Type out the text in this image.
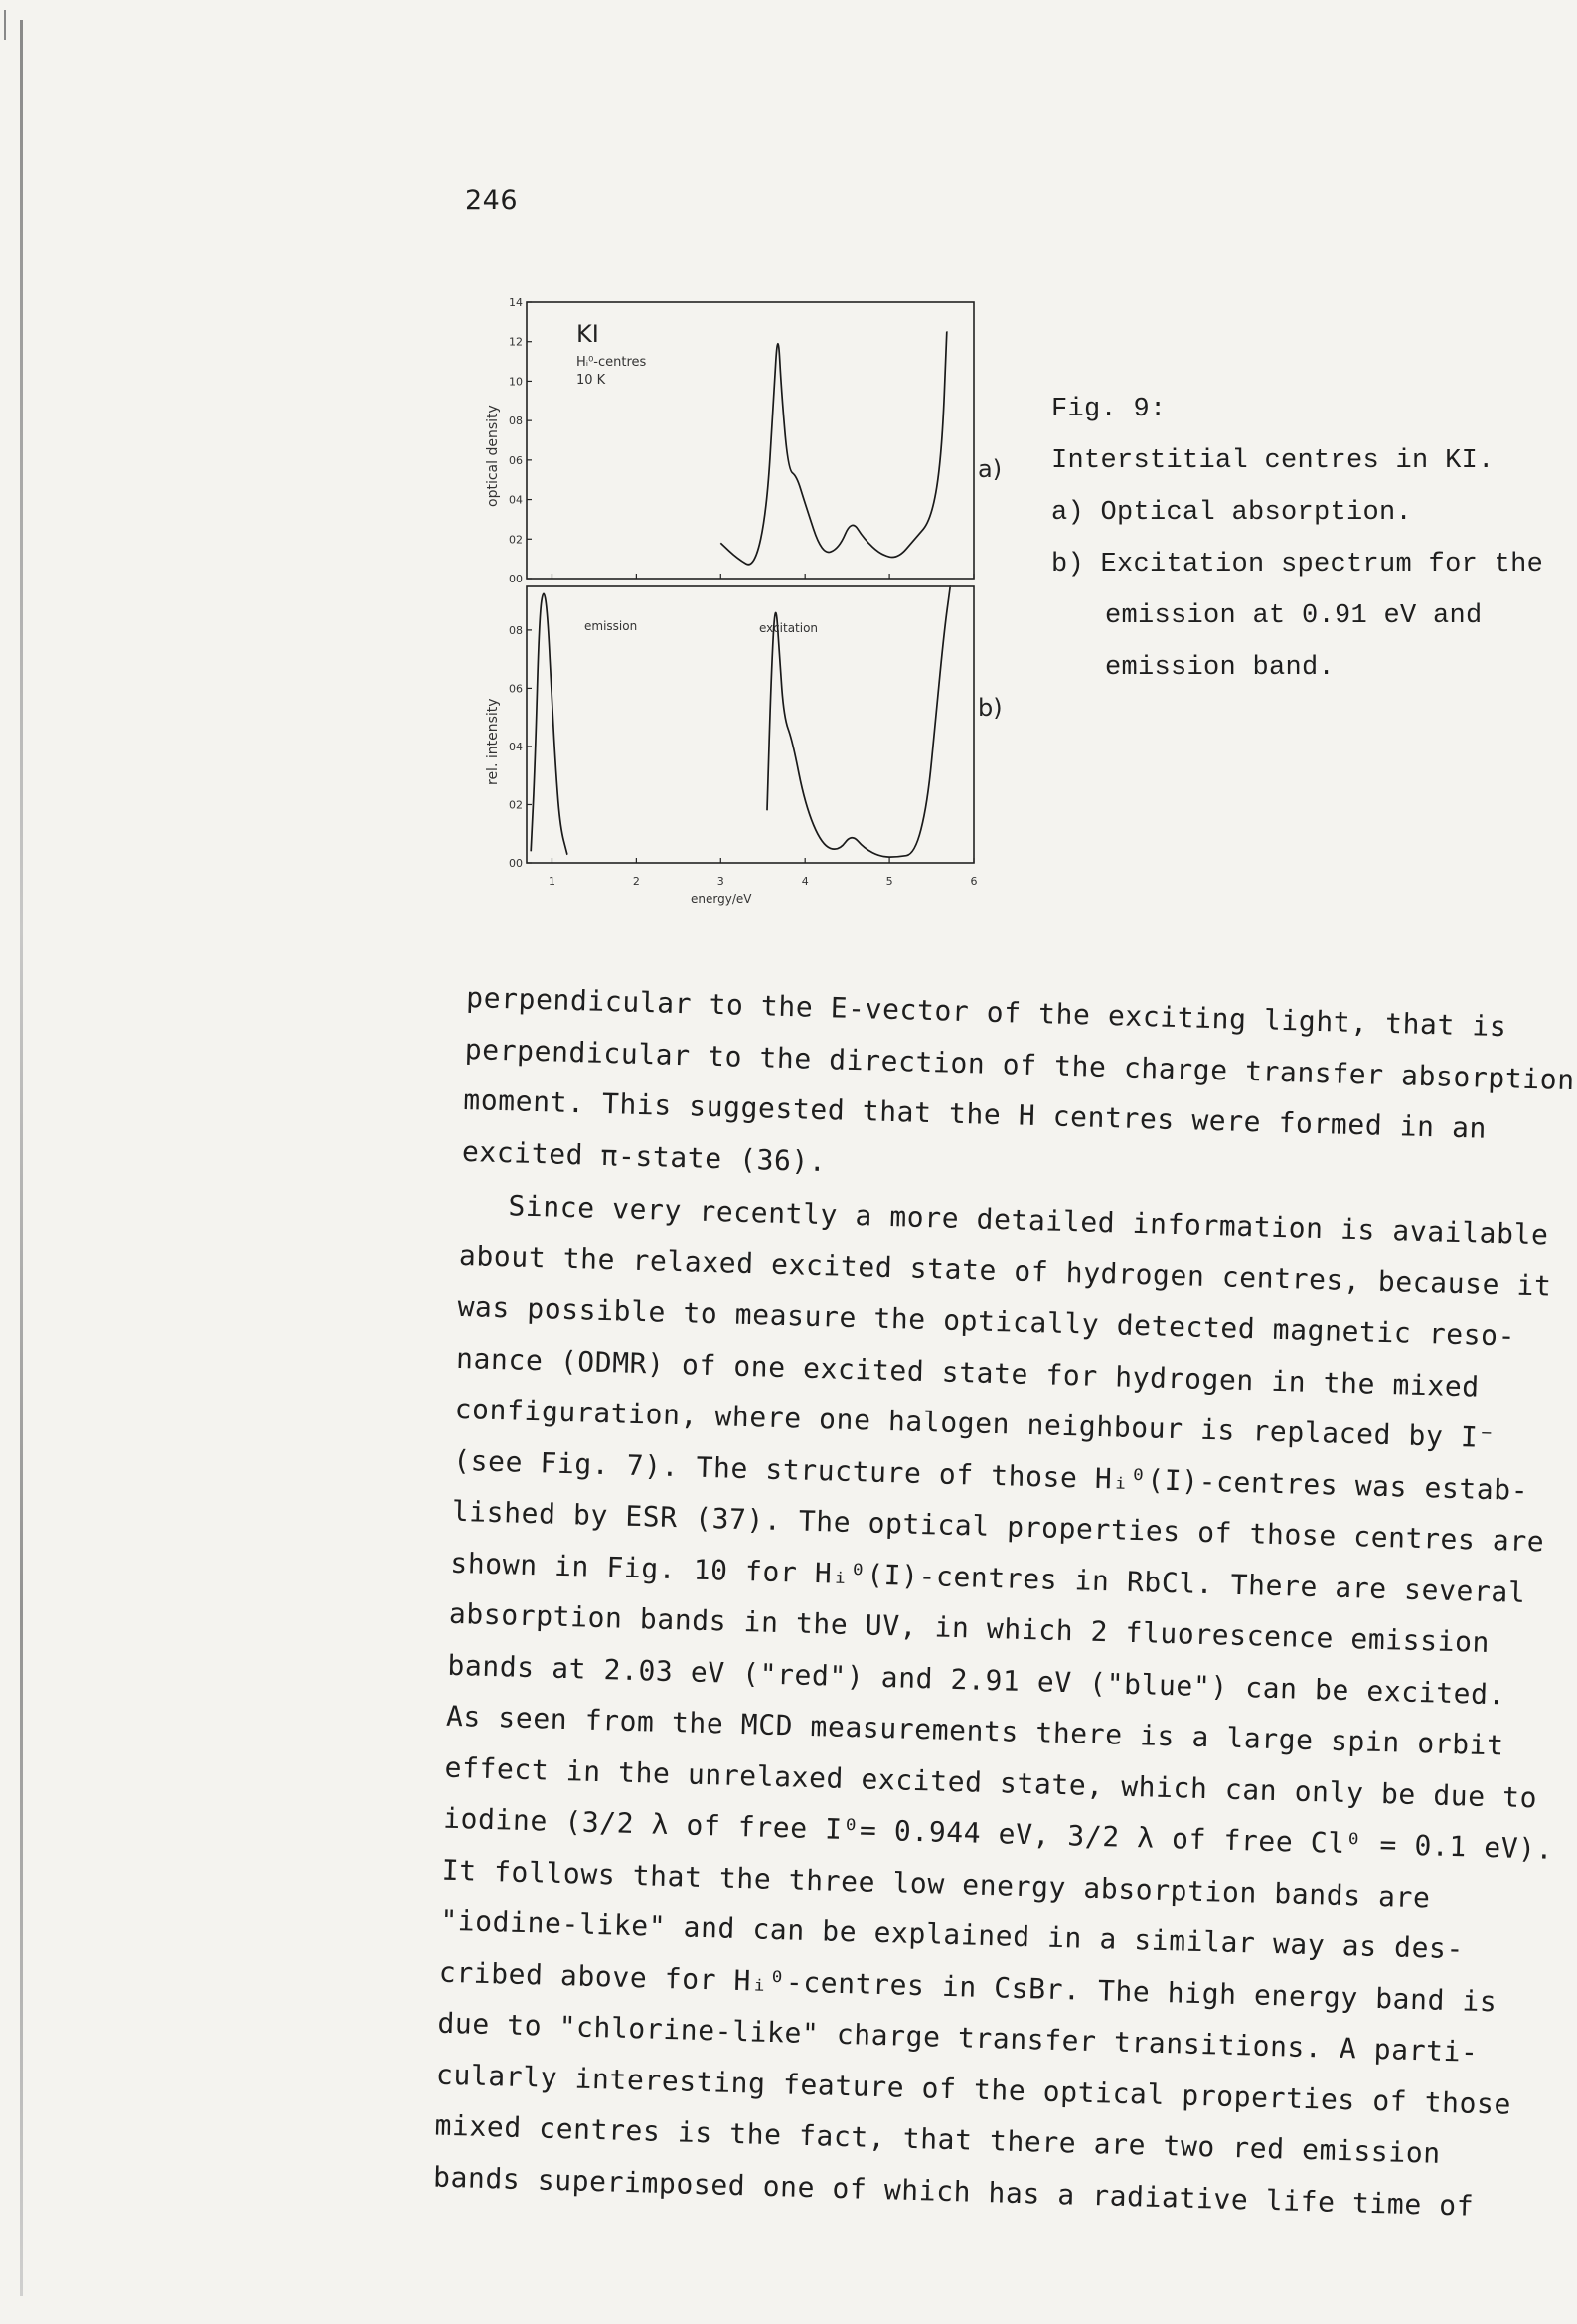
246
14
12
10
08
06
04
02
00
08
06
04
02
00
1	2	3	4	5	6
KI
Hᵢ⁰-centres
10 K
emission	excitation
a)
b)
energy/eV
optical density
rel. intensity
Fig. 9:
Interstitial centres in KI.
a) Optical absorption.
b) Excitation spectrum for the
emission at 0.91 eV and
emission band.

perpendicular to the E-vector of the exciting light, that is
perpendicular to the direction of the charge transfer absorption
moment. This suggested that the H centres were formed in an
excited π-state (36).

Since very recently a more detailed information is available
about the relaxed excited state of hydrogen centres, because it
was possible to measure the optically detected magnetic reso-
nance (ODMR) of one excited state for hydrogen in the mixed
configuration, where one halogen neighbour is replaced by I⁻
(see Fig. 7). The structure of those Hᵢ⁰(I)-centres was estab-
lished by ESR (37). The optical properties of those centres are
shown in Fig. 10 for Hᵢ⁰(I)-centres in RbCl. There are several
absorption bands in the UV, in which 2 fluorescence emission
bands at 2.03 eV ("red") and 2.91 eV ("blue") can be excited.
As seen from the MCD measurements there is a large spin orbit
effect in the unrelaxed excited state, which can only be due to
iodine (3/2 λ of free I⁰= 0.944 eV, 3/2 λ of free Cl⁰ = 0.1 eV).
It follows that the three low energy absorption bands are
"iodine-like" and can be explained in a similar way as des-
cribed above for Hᵢ⁰-centres in CsBr. The high energy band is
due to "chlorine-like" charge transfer transitions. A parti-
cularly interesting feature of the optical properties of those
mixed centres is the fact, that there are two red emission
bands superimposed one of which has a radiative life time of
